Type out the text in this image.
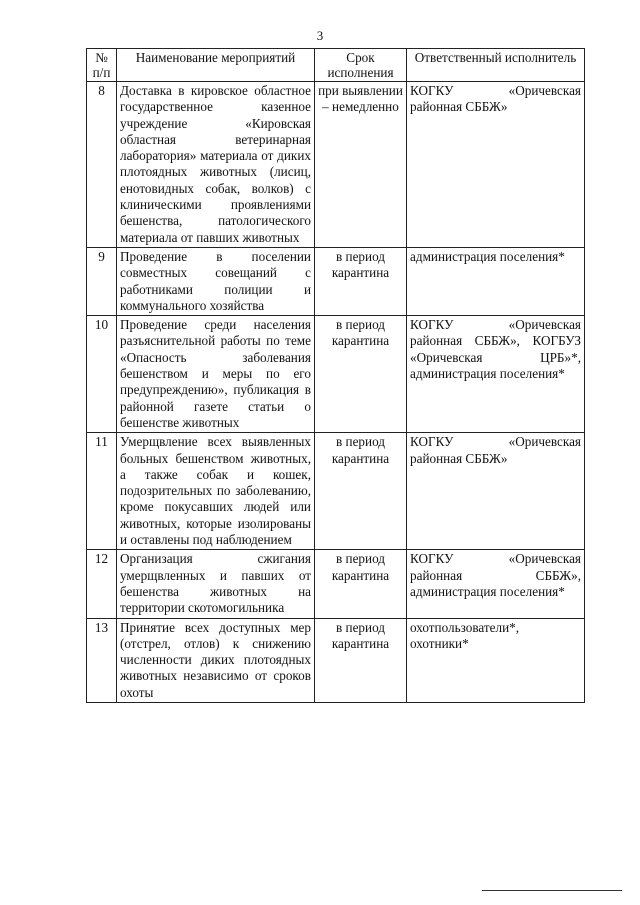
3
№ п/п	Наименование мероприятий	Срок исполнения	Ответственный исполнитель
8	Доставка в кировское областное государственное казенное учреждение «Кировская областная ветеринарная лаборатория» материала от диких плотоядных животных (лисиц, енотовидных собак, волков) с клиническими проявлениями бешенства, патологического материала от павших животных	при выявлении – немедленно	КОГКУ «Оричевская районная СББЖ»
9	Проведение в поселении совместных совещаний с работниками полиции и коммунального хозяйства	в период карантина	администрация поселения*
10	Проведение среди населения разъяснительной работы по теме «Опасность заболевания бешенством и меры по его предупреждению», публикация в районной газете статьи о бешенстве животных	в период карантина	КОГКУ «Оричевская районная СББЖ», КОГБУЗ «Оричевская ЦРБ»*, администрация поселения*
11	Умерщвление всех выявленных больных бешенством животных, а также собак и кошек, подозрительных по заболеванию, кроме покусавших людей или животных, которые изолированы и оставлены под наблюдением	в период карантина	КОГКУ «Оричевская районная СББЖ»
12	Организация сжигания умерщвленных и павших от бешенства животных на территории скотомогильника	в период карантина	КОГКУ «Оричевская районная СББЖ», администрация поселения*
13	Принятие всех доступных мер (отстрел, отлов) к снижению численности диких плотоядных животных независимо от сроков охоты	в период карантина	охотпользователи*, охотники*
